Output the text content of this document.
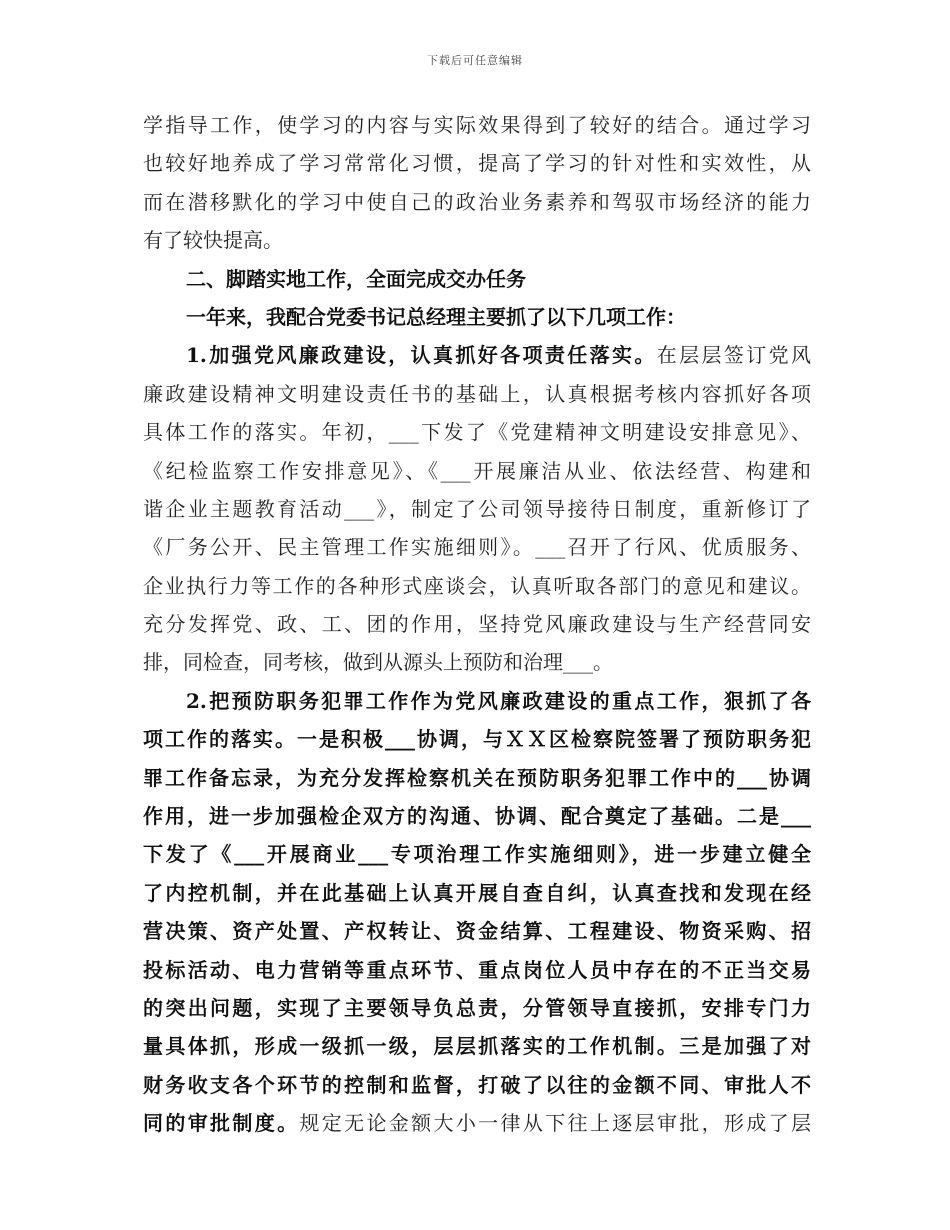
下载后可任意编辑
学指导工作，使学习的内容与实际效果得到了较好的结合。通过学习
也较好地养成了学习常常化习惯，提高了学习的针对性和实效性，从
而在潜移默化的学习中使自己的政治业务素养和驾驭市场经济的能力
有了较快提高。
二、脚踏实地工作，全面完成交办任务
一年来，我配合党委书记总经理主要抓了以下几项工作：
1.加强党风廉政建设，认真抓好各项责任落实。在层层签订党风
廉政建设精神文明建设责任书的基础上，认真根据考核内容抓好各项
具体工作的落实。年初，___下发了《党建精神文明建设安排意见》、
《纪检监察工作安排意见》、《___开展廉洁从业、依法经营、构建和
谐企业主题教育活动___》，制定了公司领导接待日制度，重新修订了
《厂务公开、民主管理工作实施细则》。___召开了行风、优质服务、
企业执行力等工作的各种形式座谈会，认真听取各部门的意见和建议。
充分发挥党、政、工、团的作用，坚持党风廉政建设与生产经营同安
排，同检查，同考核，做到从源头上预防和治理___。
2.把预防职务犯罪工作作为党风廉政建设的重点工作，狠抓了各
项工作的落实。一是积极___协调，与ＸＸ区检察院签署了预防职务犯
罪工作备忘录，为充分发挥检察机关在预防职务犯罪工作中的___协调
作用，进一步加强检企双方的沟通、协调、配合奠定了基础。二是___
下发了《___开展商业___专项治理工作实施细则》，进一步建立健全
了内控机制，并在此基础上认真开展自查自纠，认真查找和发现在经
营决策、资产处置、产权转让、资金结算、工程建设、物资采购、招
投标活动、电力营销等重点环节、重点岗位人员中存在的不正当交易
的突出问题，实现了主要领导负总责，分管领导直接抓，安排专门力
量具体抓，形成一级抓一级，层层抓落实的工作机制。三是加强了对
财务收支各个环节的控制和监督，打破了以往的金额不同、审批人不
同的审批制度。规定无论金额大小一律从下往上逐层审批，形成了层
